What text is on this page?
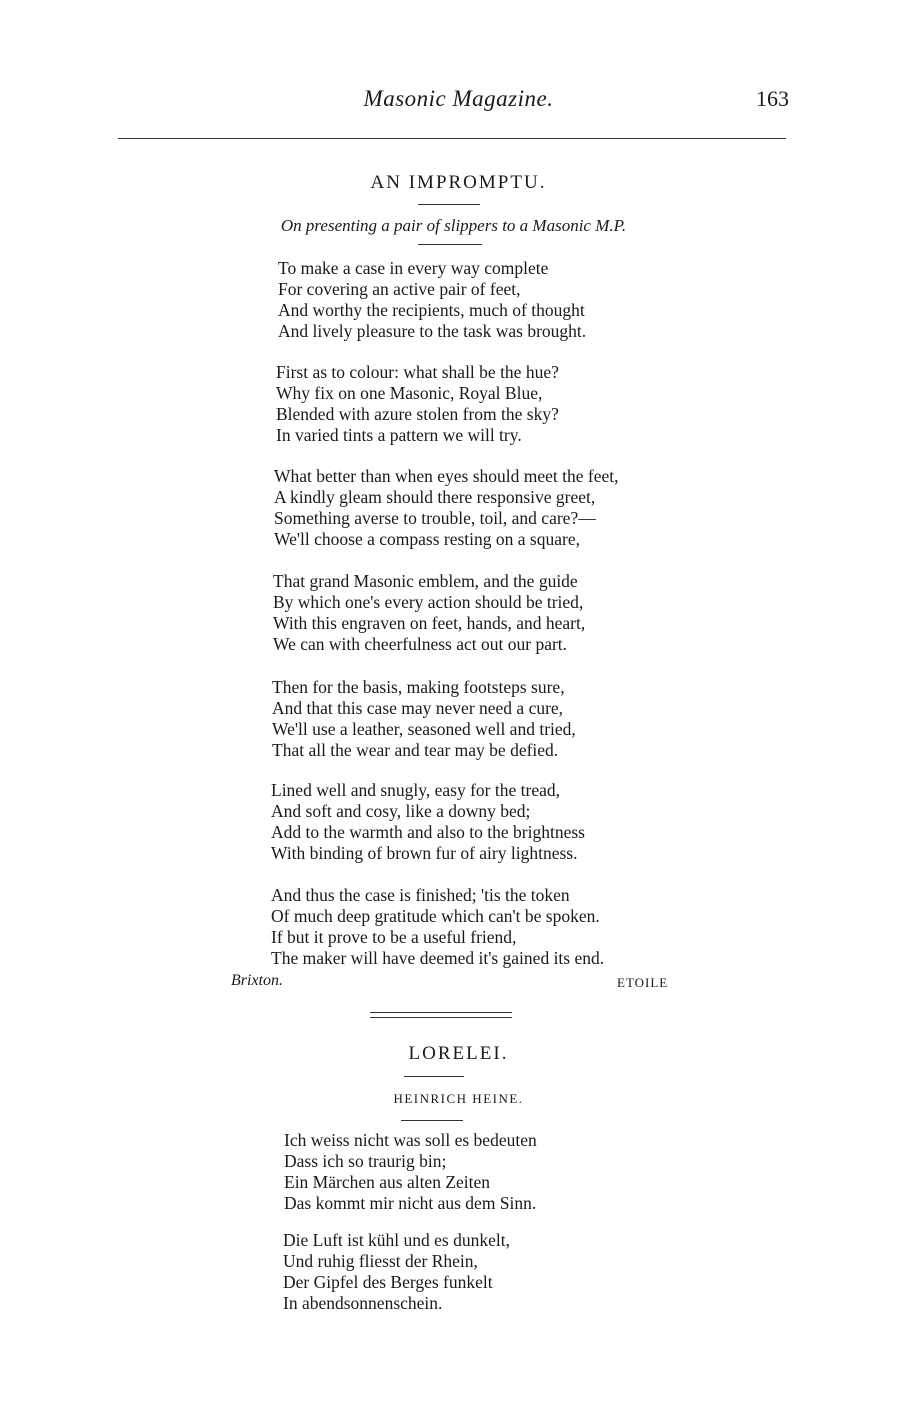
Masonic Magazine.	163
AN IMPROMPTU.
On presenting a pair of slippers to a Masonic M.P.
To make a case in every way complete
For covering an active pair of feet,
And worthy the recipients, much of thought
And lively pleasure to the task was brought.
First as to colour: what shall be the hue?
Why fix on one Masonic, Royal Blue,
Blended with azure stolen from the sky?
In varied tints a pattern we will try.
What better than when eyes should meet the feet,
A kindly gleam should there responsive greet,
Something averse to trouble, toil, and care?—
We'll choose a compass resting on a square,
That grand Masonic emblem, and the guide
By which one's every action should be tried,
With this engraven on feet, hands, and heart,
We can with cheerfulness act out our part.
Then for the basis, making footsteps sure,
And that this case may never need a cure,
We'll use a leather, seasoned well and tried,
That all the wear and tear may be defied.
Lined well and snugly, easy for the tread,
And soft and cosy, like a downy bed;
Add to the warmth and also to the brightness
With binding of brown fur of airy lightness.
And thus the case is finished; 'tis the token
Of much deep gratitude which can't be spoken.
If but it prove to be a useful friend,
The maker will have deemed it's gained its end.
Brixton.	ETOILE
LORELEI.
HEINRICH HEINE.
Ich weiss nicht was soll es bedeuten
Dass ich so traurig bin;
Ein Märchen aus alten Zeiten
Das kommt mir nicht aus dem Sinn.
Die Luft ist kühl und es dunkelt,
Und ruhig fliesst der Rhein,
Der Gipfel des Berges funkelt
In abendsonnenschein.
